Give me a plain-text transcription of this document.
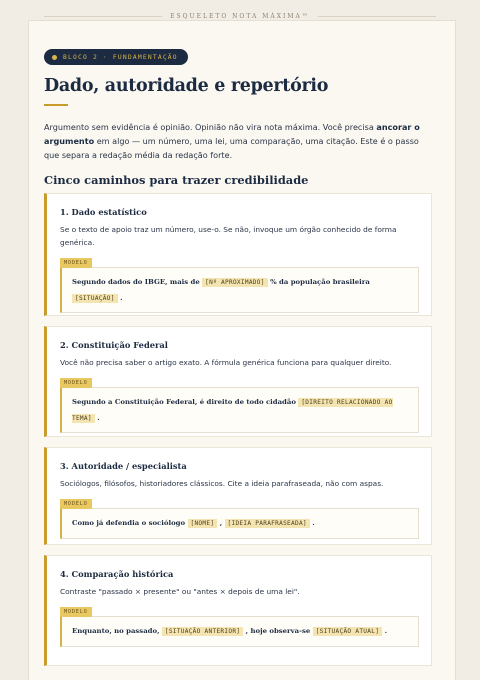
ESQUELETO NOTA MÁXIMA™
BLOCO 2 · FUNDAMENTAÇÃO
Dado, autoridade e repertório

Argumento sem evidência é opinião. Opinião não vira nota máxima. Você precisa ancorar o argumento em algo — um número, uma lei, uma comparação, uma citação. Este é o passo que separa a redação média da redação forte.

Cinco caminhos para trazer credibilidade
1. Dado estatístico
Se o texto de apoio traz um número, use-o. Se não, invoque um órgão conhecido de forma genérica.
MODELO
Segundo dados do IBGE, mais de [Nº APROXIMADO] % da população brasileira [SITUAÇÃO] .
2. Constituição Federal
Você não precisa saber o artigo exato. A fórmula genérica funciona para qualquer direito.
MODELO
Segundo a Constituição Federal, é direito de todo cidadão [DIREITO RELACIONADO AO TEMA] .
3. Autoridade / especialista
Sociólogos, filósofos, historiadores clássicos. Cite a ideia parafraseada, não com aspas.
MODELO
Como já defendia o sociólogo [NOME] , [IDEIA PARAFRASEADA] .
4. Comparação histórica
Contraste "passado × presente" ou "antes × depois de uma lei".
MODELO
Enquanto, no passado, [SITUAÇÃO ANTERIOR] , hoje observa-se [SITUAÇÃO ATUAL] .
